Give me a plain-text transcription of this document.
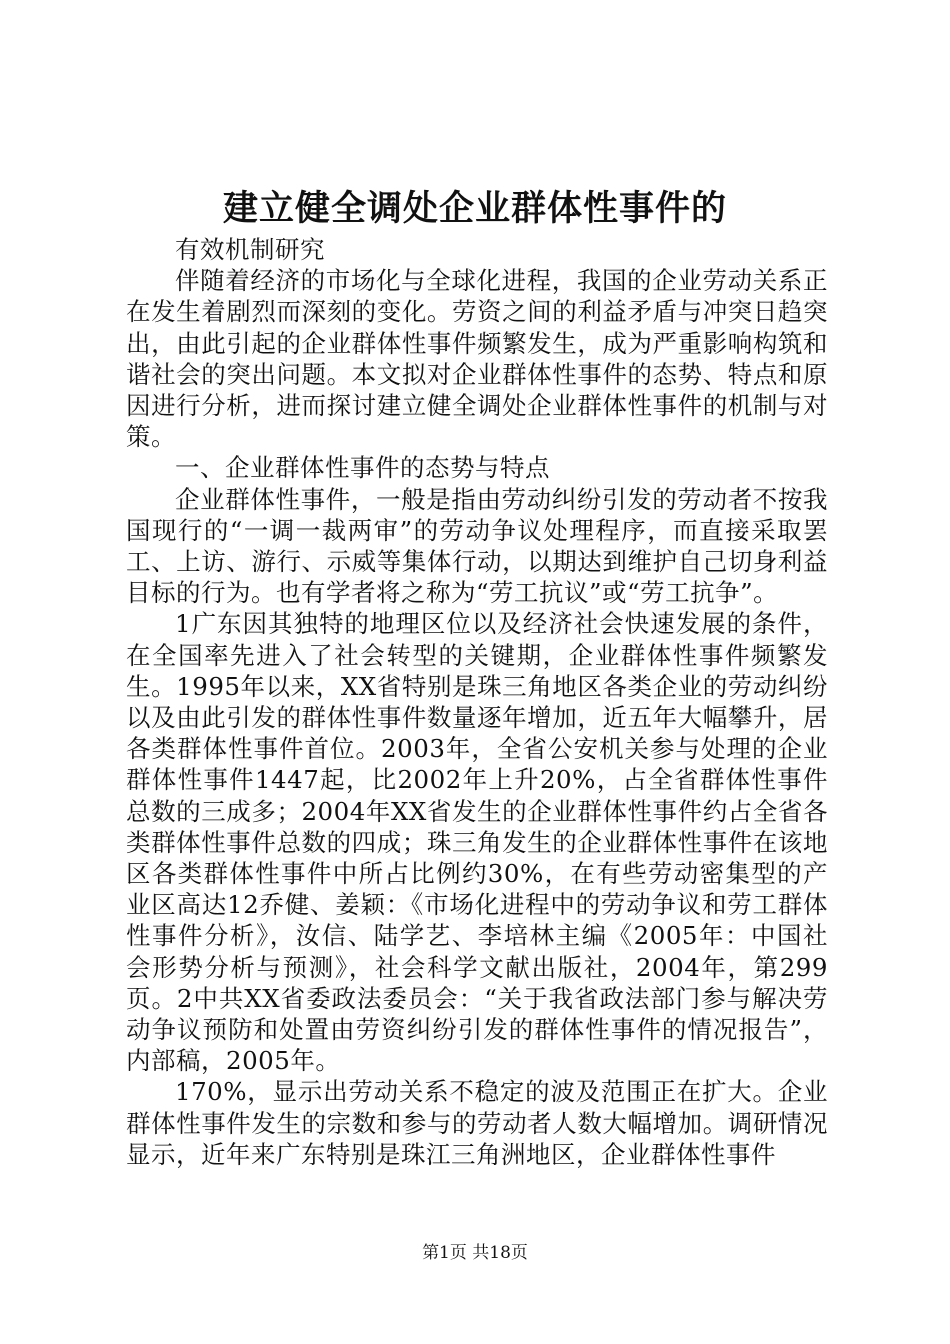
建立健全调处企业群体性事件的

有效机制研究

伴随着经济的市场化与全球化进程，我国的企业劳动关系正在发生着剧烈而深刻的变化。劳资之间的利益矛盾与冲突日趋突出，由此引起的企业群体性事件频繁发生，成为严重影响构筑和谐社会的突出问题。本文拟对企业群体性事件的态势、特点和原因进行分析，进而探讨建立健全调处企业群体性事件的机制与对策。

一、企业群体性事件的态势与特点

企业群体性事件，一般是指由劳动纠纷引发的劳动者不按我国现行的“一调一裁两审”的劳动争议处理程序，而直接采取罢工、上访、游行、示威等集体行动，以期达到维护自己切身利益目标的行为。也有学者将之称为“劳工抗议”或“劳工抗争”。

1广东因其独特的地理区位以及经济社会快速发展的条件，在全国率先进入了社会转型的关键期，企业群体性事件频繁发生。1995年以来，XX省特别是珠三角地区各类企业的劳动纠纷以及由此引发的群体性事件数量逐年增加，近五年大幅攀升，居各类群体性事件首位。2003年，全省公安机关参与处理的企业群体性事件1447起，比2002年上升20%，占全省群体性事件总数的三成多；2004年XX省发生的企业群体性事件约占全省各类群体性事件总数的四成；珠三角发生的企业群体性事件在该地区各类群体性事件中所占比例约30%，在有些劳动密集型的产业区高达12乔健、姜颖：《市场化进程中的劳动争议和劳工群体性事件分析》，汝信、陆学艺、李培林主编《2005年：中国社会形势分析与预测》，社会科学文献出版社，2004年，第299页。2中共XX省委政法委员会：“关于我省政法部门参与解决劳动争议预防和处置由劳资纠纷引发的群体性事件的情况报告”，内部稿，2005年。

170%，显示出劳动关系不稳定的波及范围正在扩大。企业群体性事件发生的宗数和参与的劳动者人数大幅增加。调研情况显示，近年来广东特别是珠江三角洲地区，企业群体性事件

第1页 共18页
